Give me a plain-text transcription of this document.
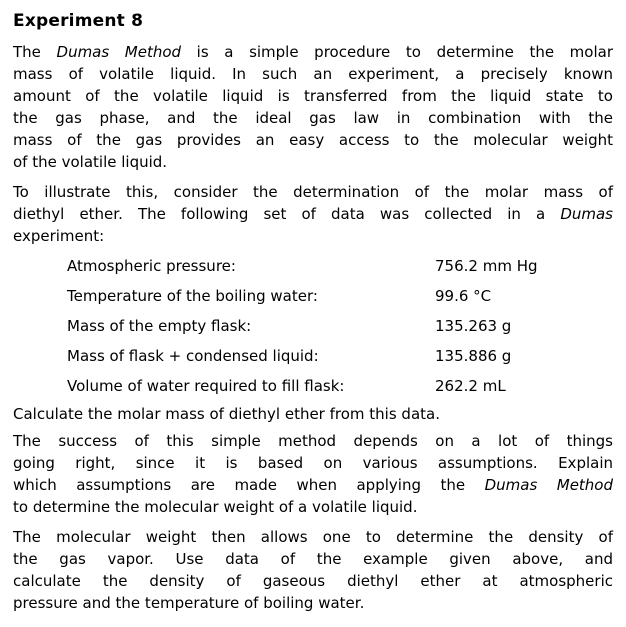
Experiment 8
The Dumas Method is a simple procedure to determine the molar
mass of volatile liquid. In such an experiment, a precisely known
amount of the volatile liquid is transferred from the liquid state to
the gas phase, and the ideal gas law in combination with the
mass of the gas provides an easy access to the molecular weight
of the volatile liquid.
To illustrate this, consider the determination of the molar mass of
diethyl ether. The following set of data was collected in a Dumas
experiment:
Atmospheric pressure:	756.2 mm Hg
Temperature of the boiling water:	99.6 °C
Mass of the empty flask:	135.263 g
Mass of flask + condensed liquid:	135.886 g
Volume of water required to fill flask:	262.2 mL
Calculate the molar mass of diethyl ether from this data.
The success of this simple method depends on a lot of things
going right, since it is based on various assumptions. Explain
which assumptions are made when applying the Dumas Method
to determine the molecular weight of a volatile liquid.
The molecular weight then allows one to determine the density of
the gas vapor. Use data of the example given above, and
calculate the density of gaseous diethyl ether at atmospheric
pressure and the temperature of boiling water.
